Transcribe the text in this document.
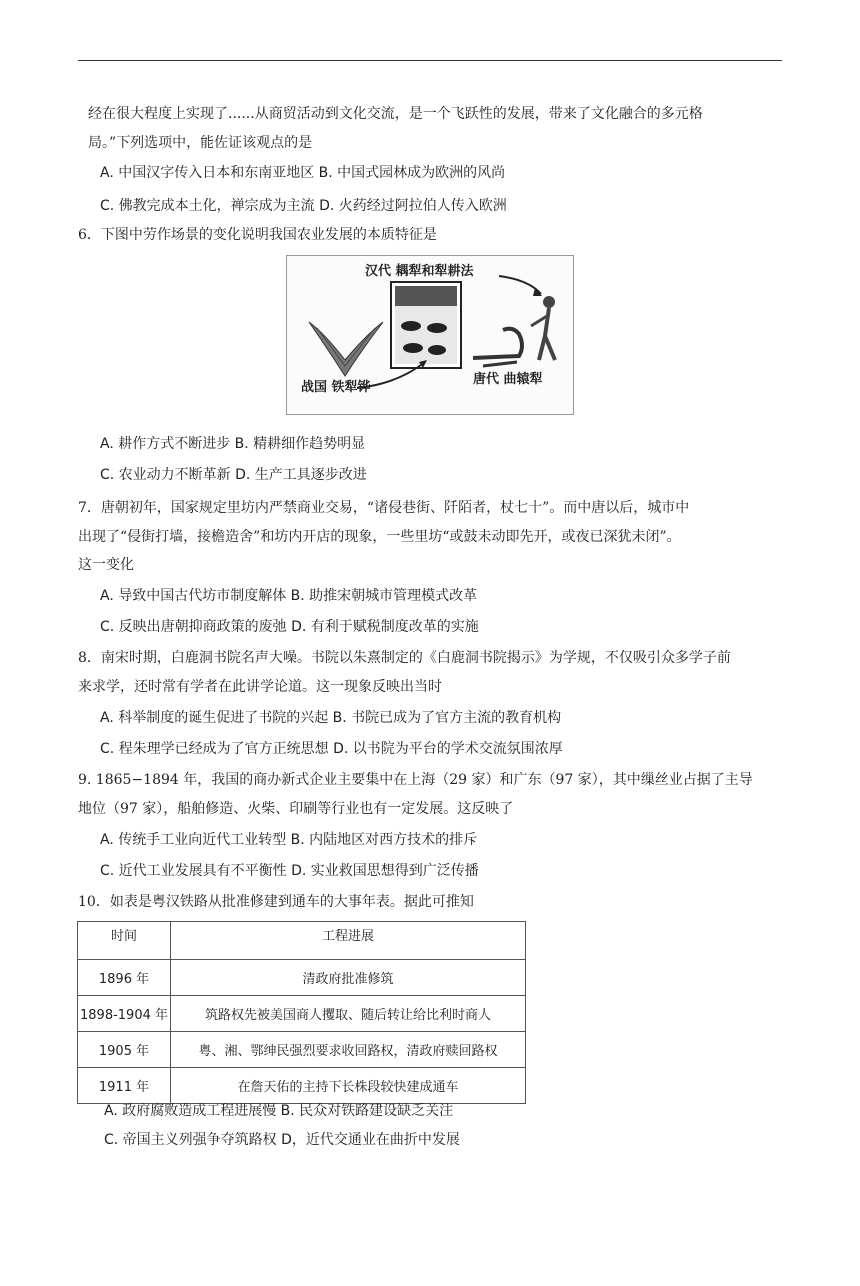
经在很大程度上实现了......从商贸活动到文化交流，是一个飞跃性的发展，带来了文化融合的多元格
局。”下列选项中，能佐证该观点的是
A. 中国汉字传入日本和东南亚地区 B. 中国式园林成为欧洲的风尚
C. 佛教完成本土化，禅宗成为主流 D. 火药经过阿拉伯人传入欧洲
6．下图中劳作场景的变化说明我国农业发展的本质特征是
汉代 耦犁和犁耕法
战国 铁犁铧
唐代 曲辕犁
A. 耕作方式不断进步 B. 精耕细作趋势明显
C. 农业动力不断革新 D. 生产工具逐步改进
7．唐朝初年，国家规定里坊内严禁商业交易，“诸侵巷街、阡陌者，杖七十”。而中唐以后，城市中
出现了“侵街打墙，接檐造舍”和坊内开店的现象，一些里坊“或鼓未动即先开，或夜已深犹未闭”。
这一变化
A. 导致中国古代坊市制度解体 B. 助推宋朝城市管理模式改革
C. 反映出唐朝抑商政策的废弛 D. 有利于赋税制度改革的实施
8．南宋时期，白鹿洞书院名声大噪。书院以朱熹制定的《白鹿洞书院揭示》为学规，不仅吸引众多学子前
来求学，还时常有学者在此讲学论道。这一现象反映出当时
A. 科举制度的诞生促进了书院的兴起 B. 书院已成为了官方主流的教育机构
C. 程朱理学已经成为了官方正统思想 D. 以书院为平台的学术交流氛围浓厚
9. 1865−1894 年，我国的商办新式企业主要集中在上海（29 家）和广东（97 家），其中缫丝业占据了主导
地位（97 家），船舶修造、火柴、印刷等行业也有一定发展。这反映了
A. 传统手工业向近代工业转型 B. 内陆地区对西方技术的排斥
C. 近代工业发展具有不平衡性 D. 实业救国思想得到广泛传播
10．如表是粤汉铁路从批准修建到通车的大事年表。据此可推知
时间	工程进展
1896 年	清政府批准修筑
1898-1904 年	筑路权先被美国商人攫取、随后转让给比利时商人
1905 年	粤、湘、鄂绅民强烈要求收回路权，清政府赎回路权
1911 年	在詹天佑的主持下长株段较快建成通车
A. 政府腐败造成工程进展慢 B. 民众对铁路建设缺乏关注
C. 帝国主义列强争夺筑路权 D，近代交通业在曲折中发展
